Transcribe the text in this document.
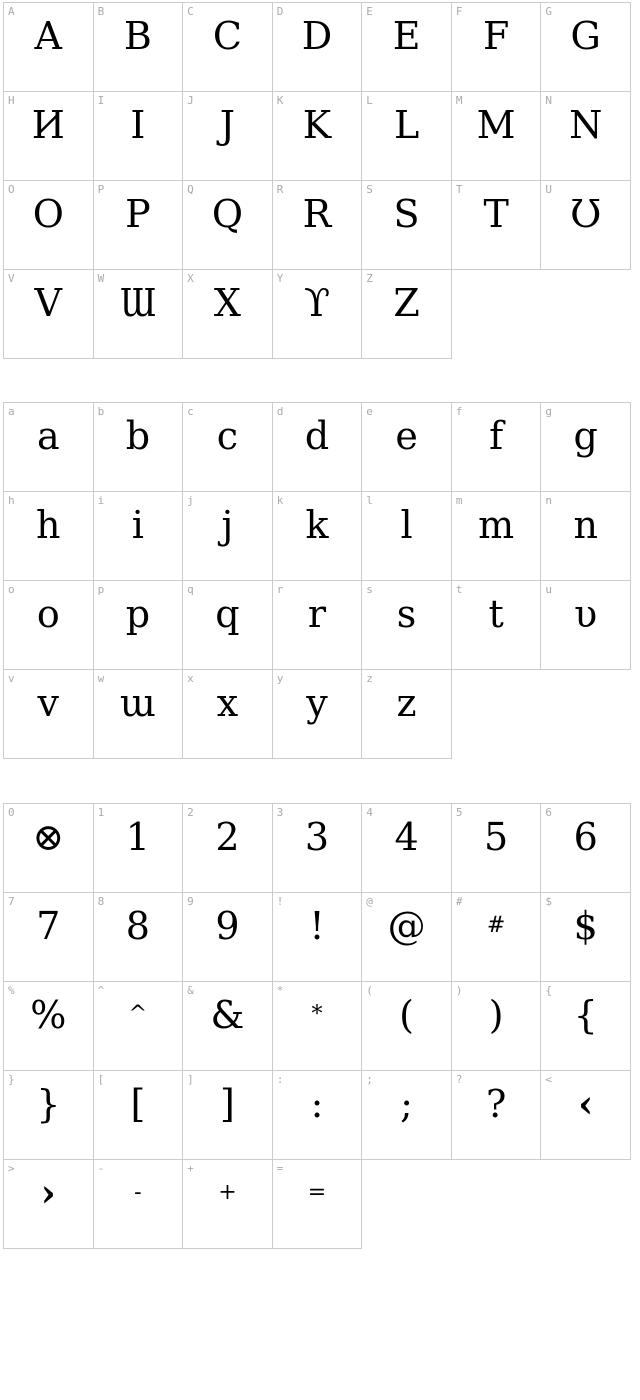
A
A
B
B
C
C
D
D
E
E
F
F
G
G
H
И
I
I
J
J
K
K
L
L
M
M
N
N
O
O
P
P
Q
Q
R
R
S
S
T
T
U
Ʊ
V
V
W
Ɯ
X
X
Y
ϒ
Z
Z
a
a
b
b
c
c
d
d
e
e
f
f
g
g
h
h
i
i
j
j
k
k
l
l
m
m
n
n
o
o
p
p
q
q
r
r
s
s
t
t
u
υ
v
v
w
ɯ
x
x
y
y
z
z
0
⊗
1
1
2
2
3
3
4
4
5
5
6
6
7
7
8
8
9
9
!
!
@
@
#
#
$
$
%
%
^
^
&
&
*
*
(
(
)
)
{
{
}
}
[
[
]
]
:
:
;
;
?
?
<
‹
>
›
-
-
+
+
=
=
